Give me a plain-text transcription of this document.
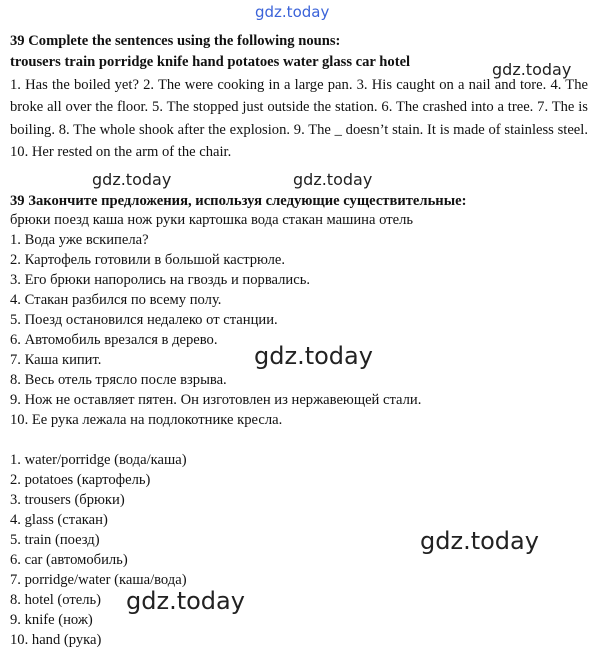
gdz.today
39 Complete the sentences using the following nouns:
trousers train porridge knife hand potatoes water glass car hotel
1. Has the boiled yet? 2. The were cooking in a large pan. 3. His caught on a nail and tore. 4. The broke all over the floor. 5. The stopped just outside the station. 6. The crashed into a tree. 7. The is boiling. 8. The whole shook after the explosion. 9. The _ doesn’t stain. It is made of stainless steel. 10. Her rested on the arm of the chair.
39 Закончите предложения, используя следующие существительные:
брюки поезд каша нож руки картошка вода стакан машина отель
1. Вода уже вскипела?
2. Картофель готовили в большой кастрюле.
3. Его брюки напоролись на гвоздь и порвались.
4. Стакан разбился по всему полу.
5. Поезд остановился недалеко от станции.
6. Автомобиль врезался в дерево.
7. Каша кипит.
8. Весь отель трясло после взрыва.
9. Нож не оставляет пятен. Он изготовлен из нержавеющей стали.
10. Ее рука лежала на подлокотнике кресла.
1. water/porridge (вода/каша)
2. potatoes (картофель)
3. trousers (брюки)
4. glass (стакан)
5. train (поезд)
6. car (автомобиль)
7. porridge/water (каша/вода)
8. hotel (отель)
9. knife (нож)
10. hand (рука)
gdz.today
gdz.today	gdz.today
gdz.today
gdz.today
gdz.today
